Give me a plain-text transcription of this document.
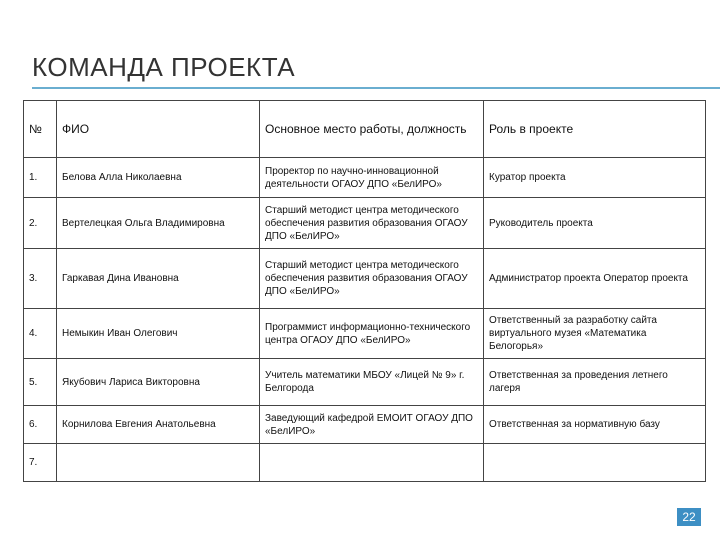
КОМАНДА ПРОЕКТА
№	ФИО	Основное место работы, должность	Роль в проекте
1.	Белова Алла Николаевна	Проректор по научно-инновационной деятельности ОГАОУ ДПО «БелИРО»	Куратор проекта
2.	Вертелецкая Ольга Владимировна	Старший методист центра методического обеспечения развития образования ОГАОУ ДПО «БелИРО»	Руководитель проекта
3.	Гаркавая Дина Ивановна	Старший методист центра методического обеспечения развития образования ОГАОУ ДПО «БелИРО»	Администратор проекта Оператор проекта
4.	Немыкин Иван Олегович	Программист информационно-технического центра ОГАОУ ДПО «БелИРО»	Ответственный за разработку сайта виртуального музея «Математика Белогорья»
5.	Якубович Лариса Викторовна	Учитель математики МБОУ «Лицей № 9» г. Белгорода	Ответственная за проведения летнего лагеря
6.	Корнилова Евгения Анатольевна	Заведующий кафедрой ЕМОИТ ОГАОУ ДПО «БелИРО»	Ответственная за нормативную базу
7.			
22
